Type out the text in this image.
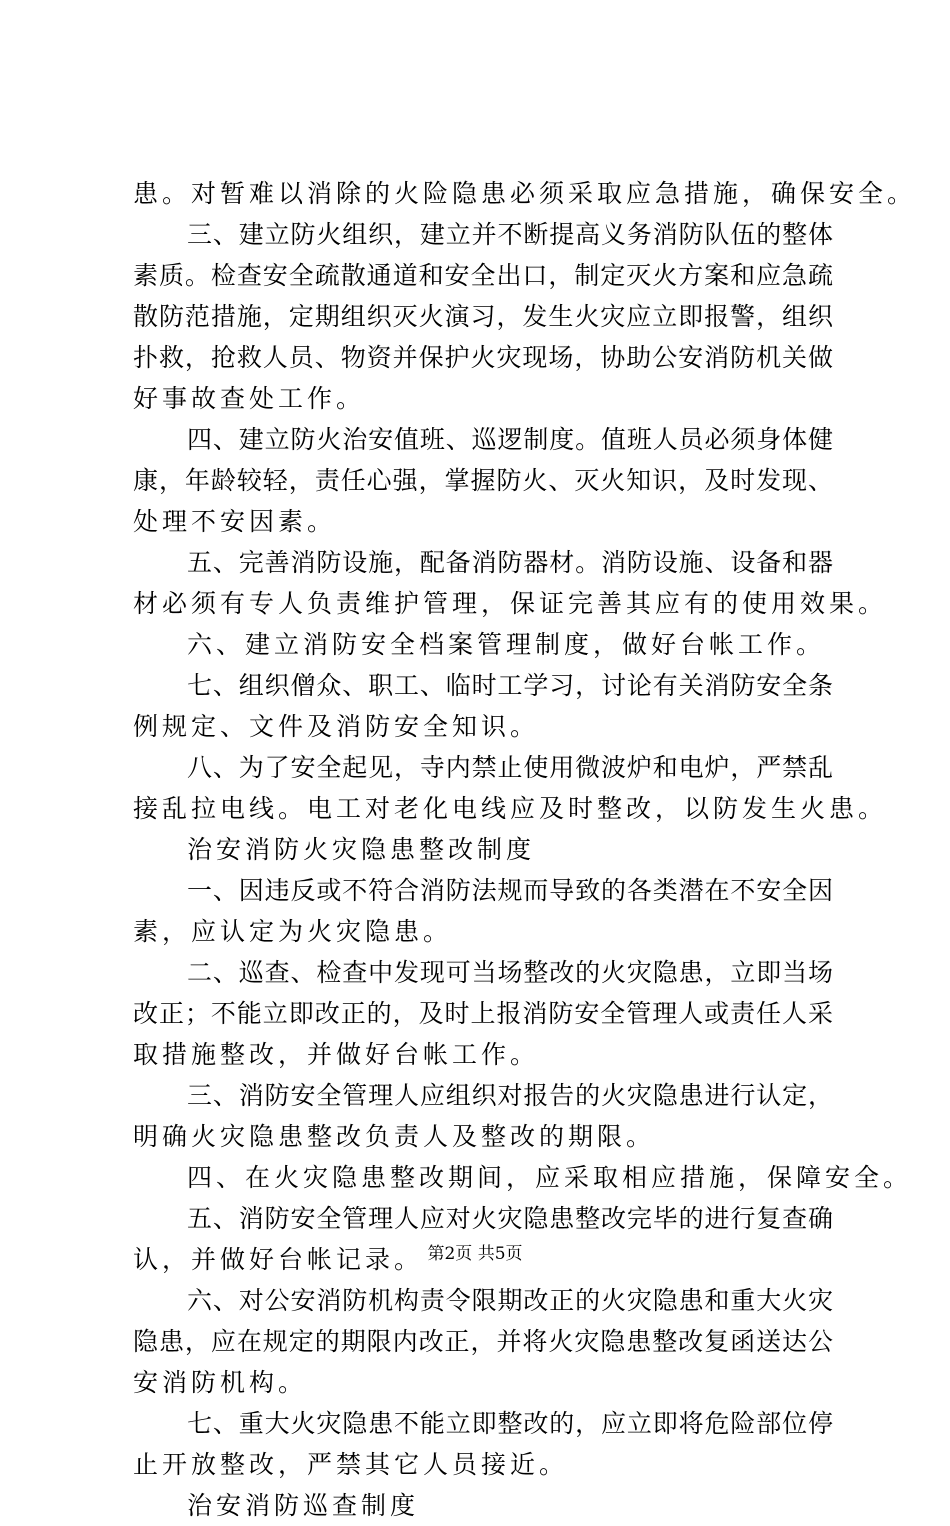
患。对暂难以消除的火险隐患必须采取应急措施，确保安全。
三、建立防火组织，建立并不断提高义务消防队伍的整体
素质。检查安全疏散通道和安全出口，制定灭火方案和应急疏
散防范措施，定期组织灭火演习，发生火灾应立即报警，组织
扑救，抢救人员、物资并保护火灾现场，协助公安消防机关做
好事故查处工作。
四、建立防火治安值班、巡逻制度。值班人员必须身体健
康，年龄较轻，责任心强，掌握防火、灭火知识，及时发现、
处理不安因素。
五、完善消防设施，配备消防器材。消防设施、设备和器
材必须有专人负责维护管理，保证完善其应有的使用效果。
六、建立消防安全档案管理制度，做好台帐工作。
七、组织僧众、职工、临时工学习，讨论有关消防安全条
例规定、文件及消防安全知识。
八、为了安全起见，寺内禁止使用微波炉和电炉，严禁乱
接乱拉电线。电工对老化电线应及时整改，以防发生火患。
治安消防火灾隐患整改制度
一、因违反或不符合消防法规而导致的各类潜在不安全因
素，应认定为火灾隐患。
二、巡查、检查中发现可当场整改的火灾隐患，立即当场
改正；不能立即改正的，及时上报消防安全管理人或责任人采
取措施整改，并做好台帐工作。
三、消防安全管理人应组织对报告的火灾隐患进行认定，
明确火灾隐患整改负责人及整改的期限。
四、在火灾隐患整改期间，应采取相应措施，保障安全。
五、消防安全管理人应对火灾隐患整改完毕的进行复查确
认，并做好台帐记录。
六、对公安消防机构责令限期改正的火灾隐患和重大火灾
隐患，应在规定的期限内改正，并将火灾隐患整改复函送达公
安消防机构。
七、重大火灾隐患不能立即整改的，应立即将危险部位停
止开放整改，严禁其它人员接近。
治安消防巡查制度
第2页 共5页
